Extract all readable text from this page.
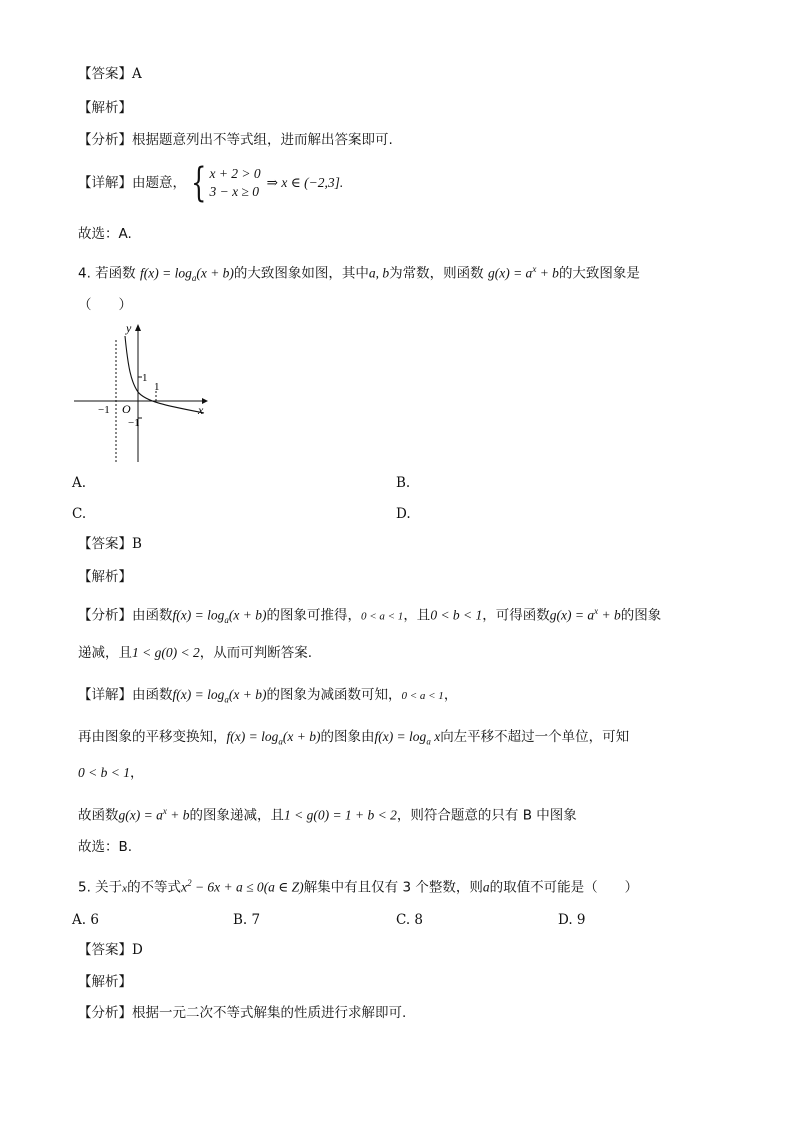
【答案】A
【解析】
【分析】根据题意列出不等式组，进而解出答案即可.
【详解】 由题意， { x + 2 > 0
3 − x ≥ 0
⇒ x ∈ (−2,3].
故选：A.
4. 若函数 $f(x) = \log_a(x + b)$的大致图象如图，其中a, b为常数，则函数 $g(x) = a^x + b$的大致图象是
（　　）
y
x
O
−1
−1
1
1
A.	B.
C.	D.
【答案】B
【解析】
【分析】由函数$f(x) = \log_a(x + b)$的图象可推得，0 < a < 1，且0 < b < 1，可得函数$g(x) = a^x + b$的图象
递减，且1 < g(0) < 2，从而可判断答案.
【详解】由函数$f(x) = \log_a(x + b)$的图象为减函数可知，0 < a < 1，
再由图象的平移变换知，$f(x) = \log_a(x + b)$的图象由$f(x) = \log_a x$向左平移不超过一个单位，可知
0 < b < 1，
故函数$g(x) = a^x + b$的图象递减，且1 < g(0) = 1 + b < 2，则符合题意的只有 B 中图象
故选：B.
5. 关于x的不等式$x^2 - 6x + a \le 0(a$ ∈ Z)解集中有且仅有 3 个整数，则a的取值不可能是（　　）
A. 6	B. 7	C. 8	D. 9
【答案】D
【解析】
【分析】根据一元二次不等式解集的性质进行求解即可.
